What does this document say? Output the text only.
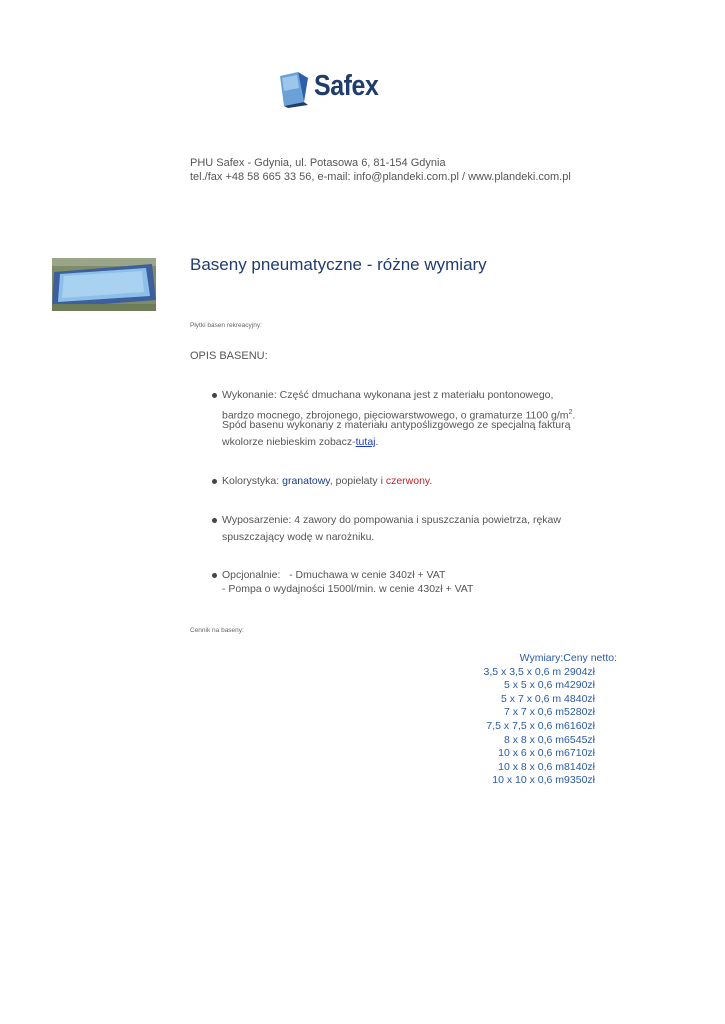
Safex
PHU Safex - Gdynia, ul. Potasowa 6, 81-154 Gdynia
tel./fax +48 58 665 33 56, e-mail: info@plandeki.com.pl / www.plandeki.com.pl
Baseny pneumatyczne - różne wymiary
Płytki basen rekreacyjny:
OPIS BASENU:
Wykonanie: Część dmuchana wykonana jest z materiału pontonowego,
bardzo mocnego, zbrojonego, pięciowarstwowego, o gramaturze 1100 $g/m^2$.
Spód basenu wykonany z materiału antypoślizgowego ze specjalną fakturą
wkolorze niebieskim zobacz-tutaj.
Kolorystyka: granatowy, popielaty i czerwony.
Wyposarzenie: 4 zawory do pompowania i spuszczania powietrza, rękaw
spuszczający wodę w narożniku.
Opcjonalnie:   - Dmuchawa w cenie 340zł + VAT
- Pompa o wydajności 1500l/min. w cenie 430zł + VAT
Cennik na baseny:
Wymiary:Ceny netto:
3,5 x 3,5 x 0,6 m 2904zł
5 x 5 x 0,6 m4290zł
5 x 7 x 0,6 m 4840zł
7 x 7 x 0,6 m5280zł
7,5 x 7,5 x 0,6 m6160zł
8 x 8 x 0,6 m6545zł
10 x 6 x 0,6 m6710zł
10 x 8 x 0,6 m8140zł
10 x 10 x 0,6 m9350zł
